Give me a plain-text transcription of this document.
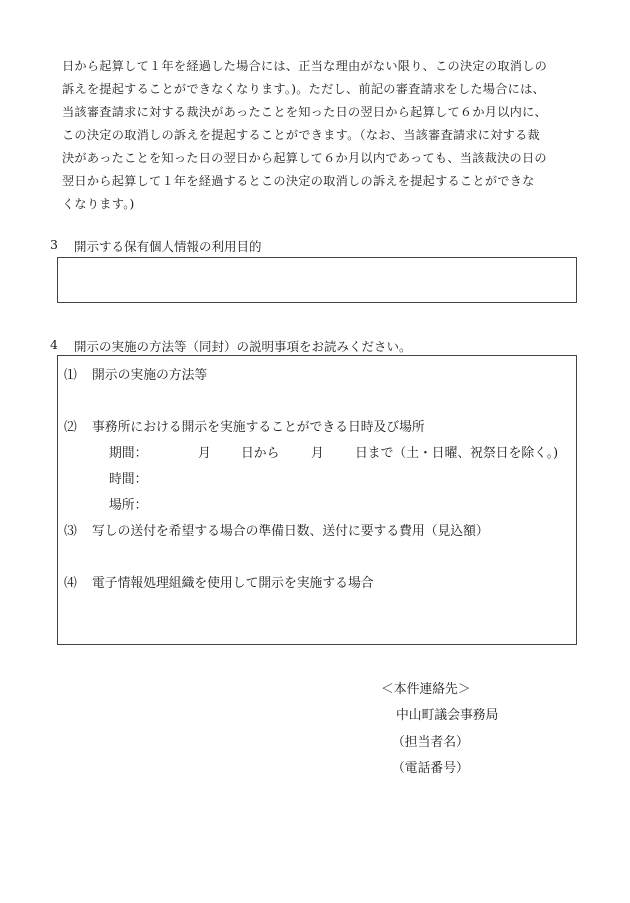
日から起算して１年を経過した場合には、正当な理由がない限り、この決定の取消しの
訴えを提起することができなくなります。)。ただし、前記の審査請求をした場合には、
当該審査請求に対する裁決があったことを知った日の翌日から起算して６か月以内に、
この決定の取消しの訴えを提起することができます。（なお、当該審査請求に対する裁
決があったことを知った日の翌日から起算して６か月以内であっても、当該裁決の日の
翌日から起算して１年を経過するとこの決定の取消しの訴えを提起することができな
くなります。)
3 開示する保有個人情報の利用目的
4 開示の実施の方法等（同封）の説明事項をお読みください。
⑴ 開示の実施の方法等
⑵ 事務所における開示を実施することができる日時及び場所
期間：	月 日から 月 日まで（土・日曜、祝祭日を除く。)
時間：
場所：
⑶ 写しの送付を希望する場合の準備日数、送付に要する費用（見込額）
⑷ 電子情報処理組織を使用して開示を実施する場合
＜本件連絡先＞
中山町議会事務局
（担当者名）
（電話番号）
